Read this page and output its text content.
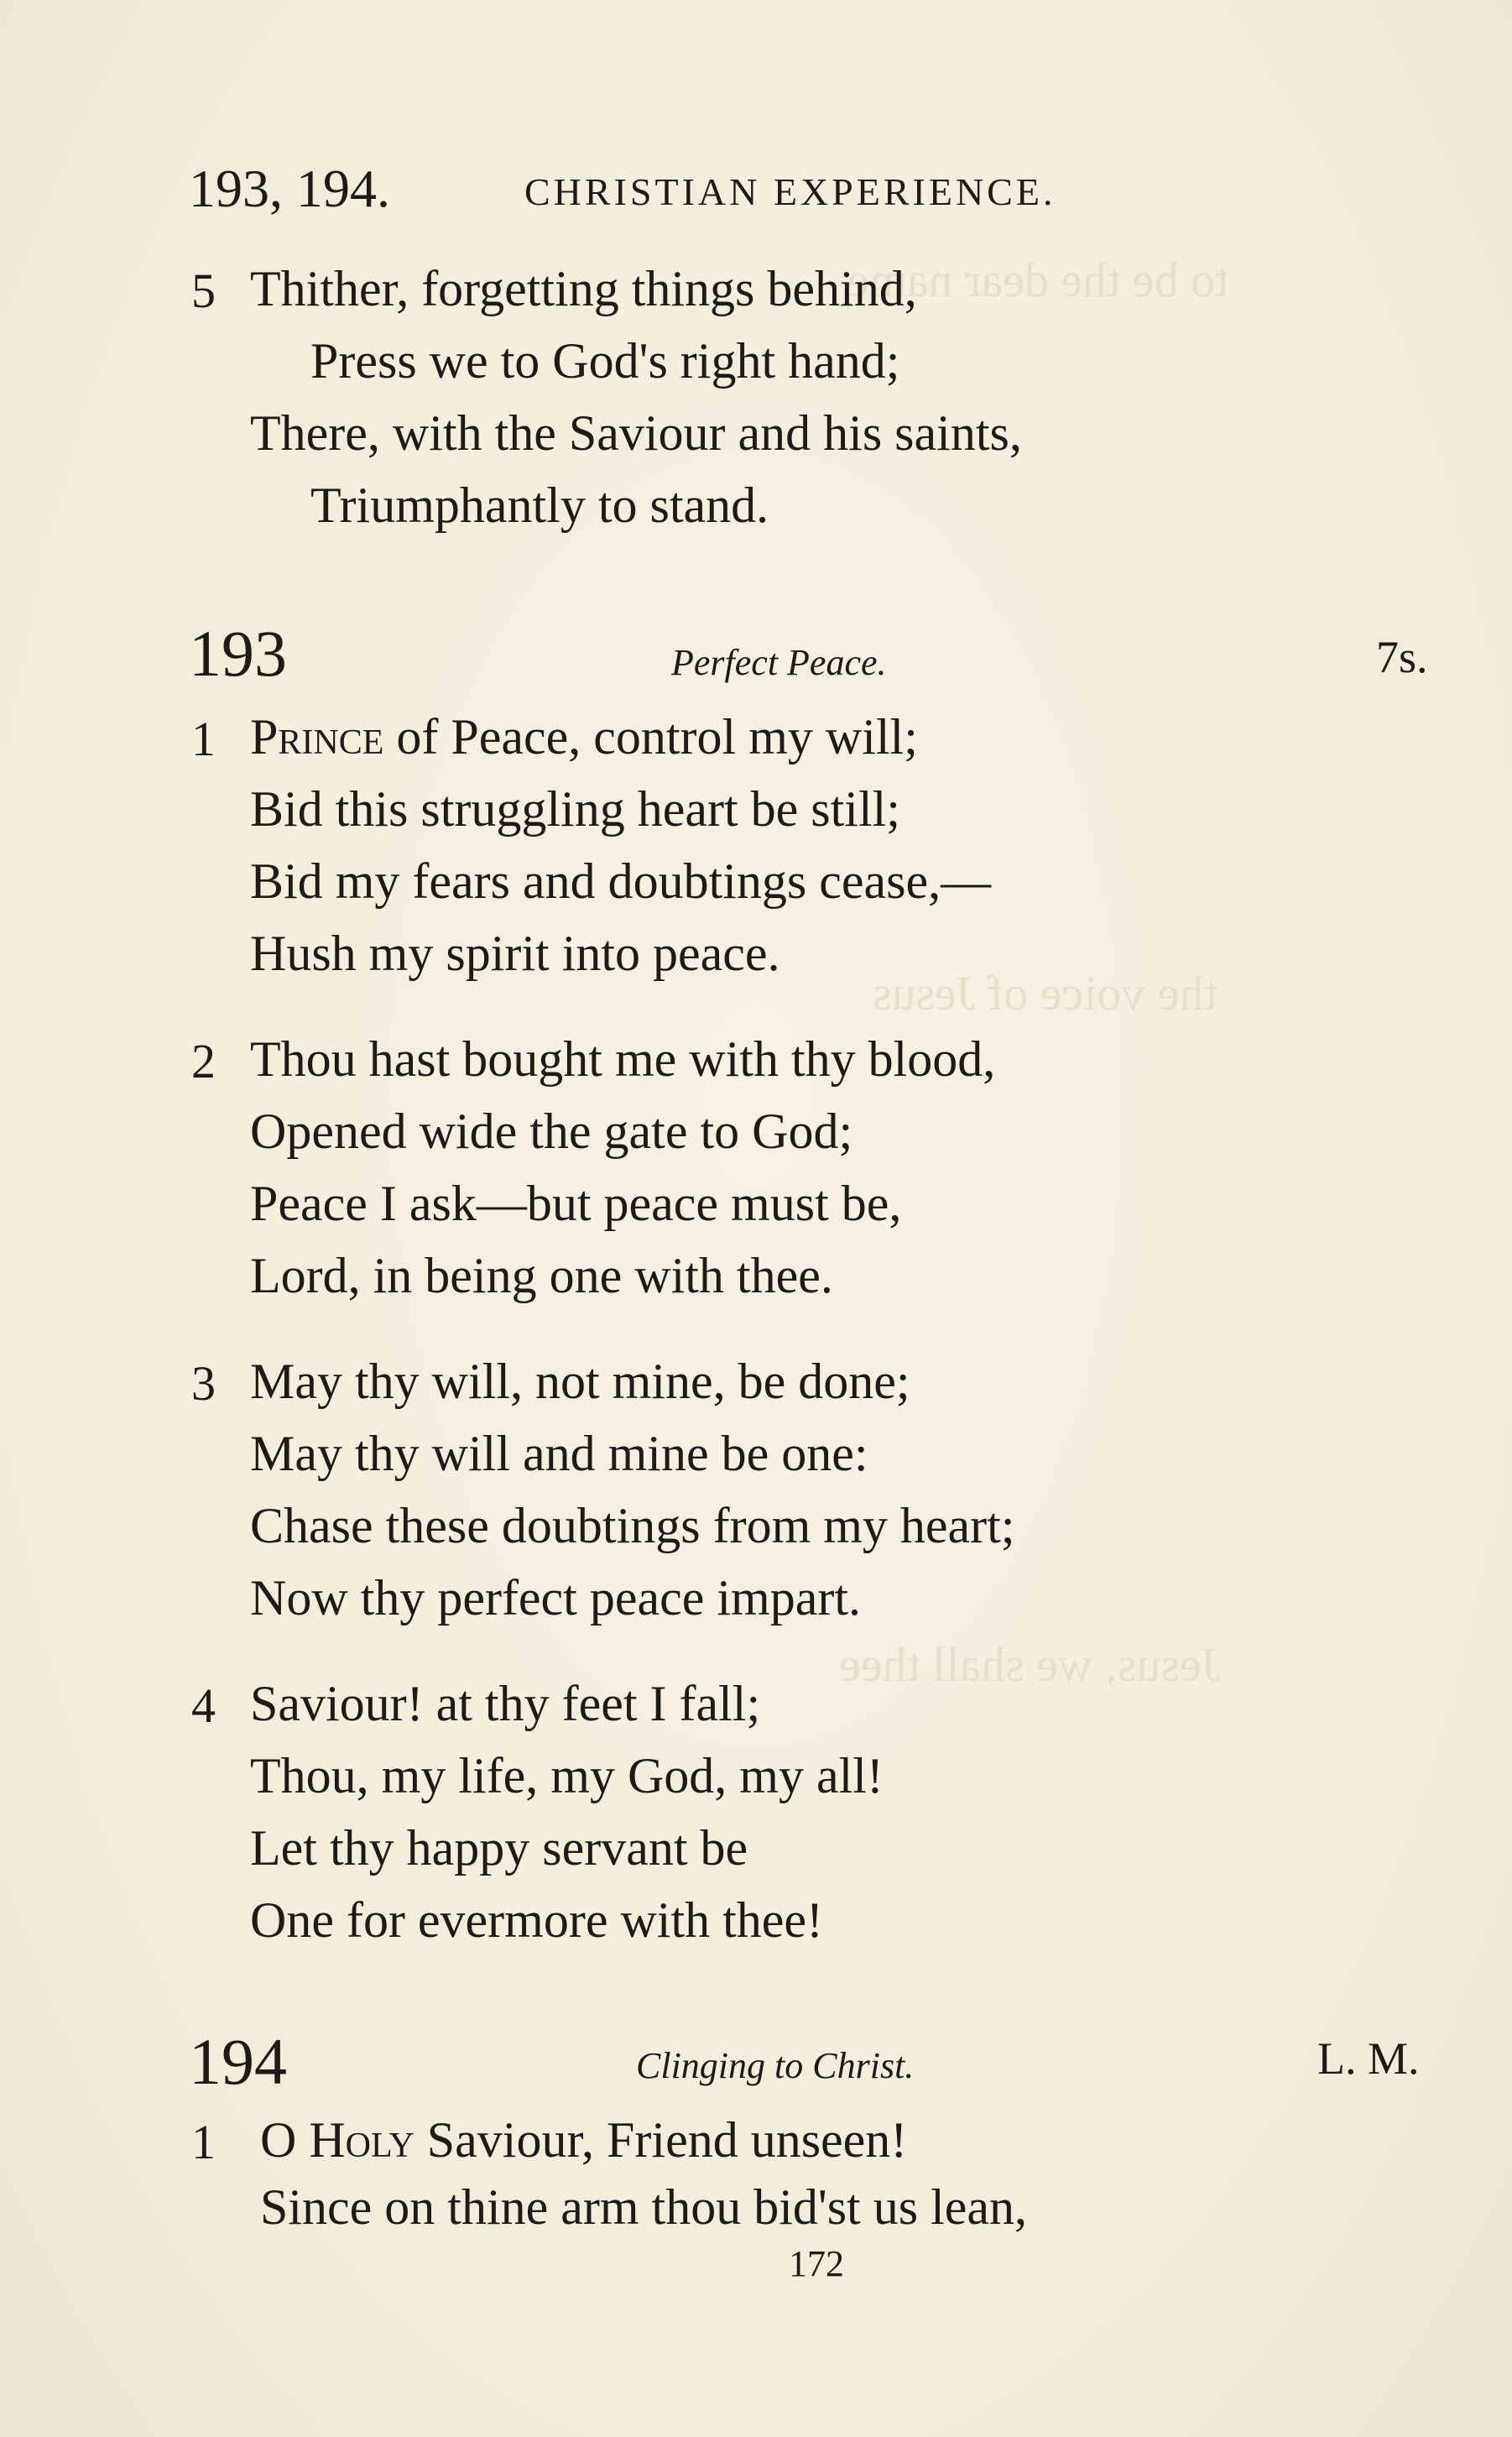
to be the dear name
the voice of Jesus
Jesus, we shall thee
193, 194.	CHRISTIAN EXPERIENCE.
5 Thither, forgetting things behind,
Press we to God's right hand;
There, with the Saviour and his saints,
Triumphantly to stand.
193	Perfect Peace.	7s.
1 Prince of Peace, control my will;
Bid this struggling heart be still;
Bid my fears and doubtings cease,—
Hush my spirit into peace.
2 Thou hast bought me with thy blood,
Opened wide the gate to God;
Peace I ask—but peace must be,
Lord, in being one with thee.
3 May thy will, not mine, be done;
May thy will and mine be one:
Chase these doubtings from my heart;
Now thy perfect peace impart.
4 Saviour! at thy feet I fall;
Thou, my life, my God, my all!
Let thy happy servant be
One for evermore with thee!
194	Clinging to Christ.	L. M.
1 O Holy Saviour, Friend unseen!
Since on thine arm thou bid'st us lean,
172
